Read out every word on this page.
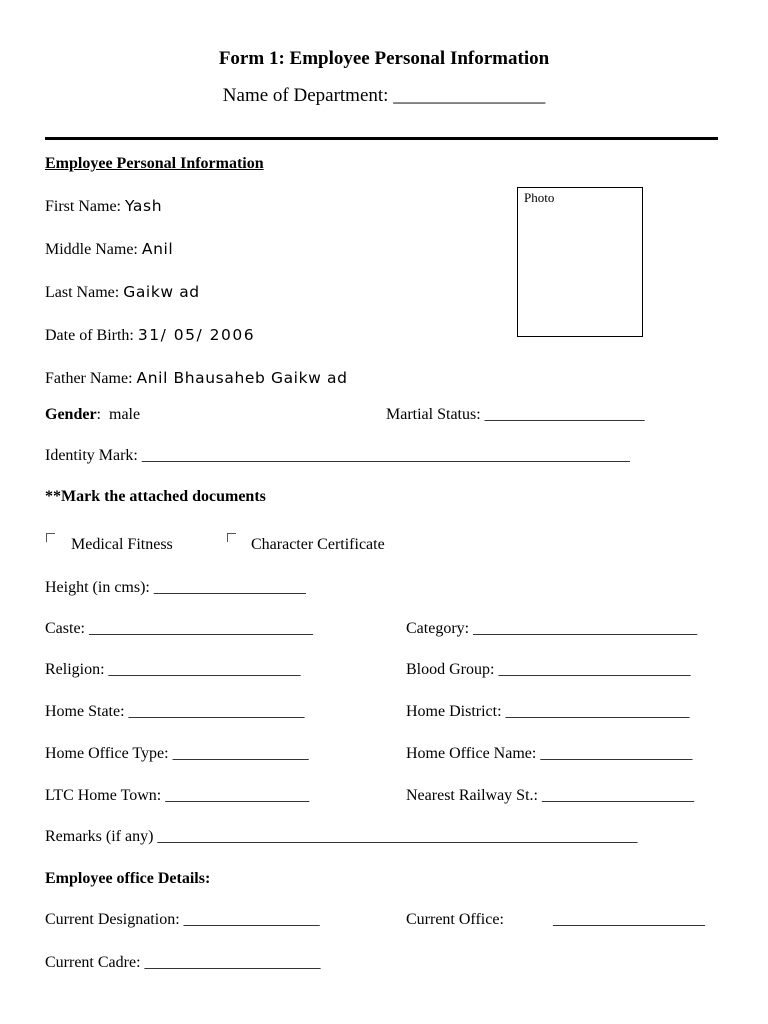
Form 1: Employee Personal Information
Name of Department: ________________
Employee Personal Information
Photo
First Name: Yash
Middle Name: Anil
Last Name: Gaikw ad
Date of Birth: 31/ 05/ 2006
Father Name: Anil Bhausaheb Gaikw ad
Gender: male	Martial Status: ____________________
Identity Mark: _____________________________________________________________
**Mark the attached documents
Medical Fitness	Character Certificate
Height (in cms): ___________________
Caste: ____________________________	Category: ____________________________
Religion: ________________________	Blood Group: ________________________
Home State: ______________________	Home District: _______________________
Home Office Type: _________________	Home Office Name: ___________________
LTC Home Town: __________________	Nearest Railway St.: ___________________
Remarks (if any) ____________________________________________________________
Employee office Details:
Current Designation: _________________	Current Office:	___________________
Current Cadre: ______________________
